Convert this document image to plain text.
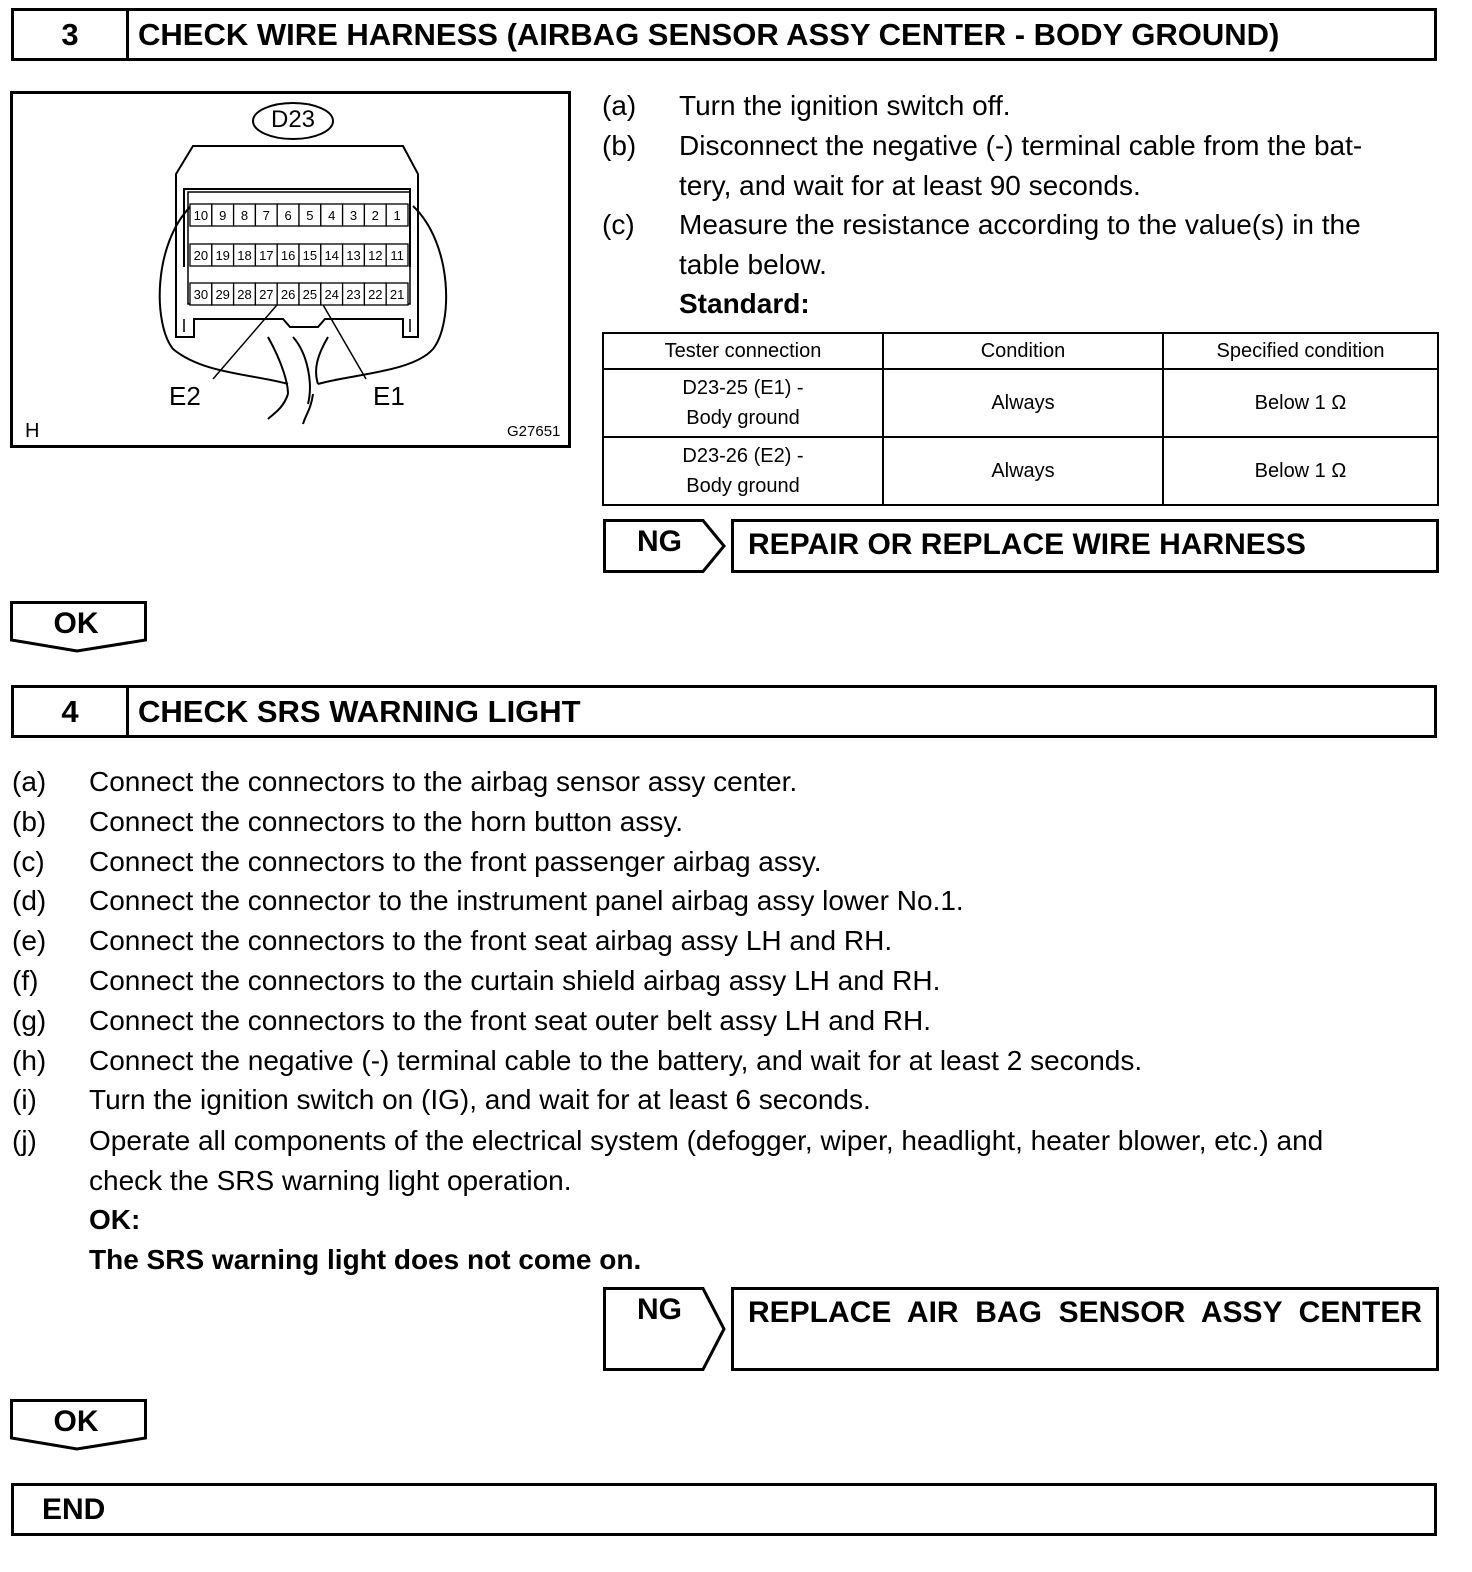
3	CHECK WIRE HARNESS (AIRBAG SENSOR ASSY CENTER - BODY GROUND)
10 9 8 7 6 5 4 3 2 1
20 19 18 17 16 15 14 13 12 11
30 29 28 27 26 25 24 23 22 21
D23
E2	E1
H	G27651
(a) Turn the ignition switch off.
(b) Disconnect the negative (-) terminal cable from the bat-
tery, and wait for at least 90 seconds.
(c) Measure the resistance according to the value(s) in the
table below.
Standard:
Tester connection	Condition	Specified condition

D23-25 (E1) -
Body ground	Always	Below 1 Ω

D23-26 (E2) -
Body ground	Always	Below 1 Ω
NG REPAIR OR REPLACE WIRE HARNESS
OK
4	CHECK SRS WARNING LIGHT
(a) Connect the connectors to the airbag sensor assy center.
(b) Connect the connectors to the horn button assy.
(c) Connect the connectors to the front passenger airbag assy.
(d) Connect the connector to the instrument panel airbag assy lower No.1.
(e) Connect the connectors to the front seat airbag assy LH and RH.
(f) Connect the connectors to the curtain shield airbag assy LH and RH.
(g) Connect the connectors to the front seat outer belt assy LH and RH.
(h) Connect the negative (-) terminal cable to the battery, and wait for at least 2 seconds.
(i) Turn the ignition switch on (IG), and wait for at least 6 seconds.
(j) Operate all components of the electrical system (defogger, wiper, headlight, heater blower, etc.) and
check the SRS warning light operation.
OK:
The SRS warning light does not come on.
NG REPLACE  AIR  BAG  SENSOR  ASSY  CENTER
OK
END
